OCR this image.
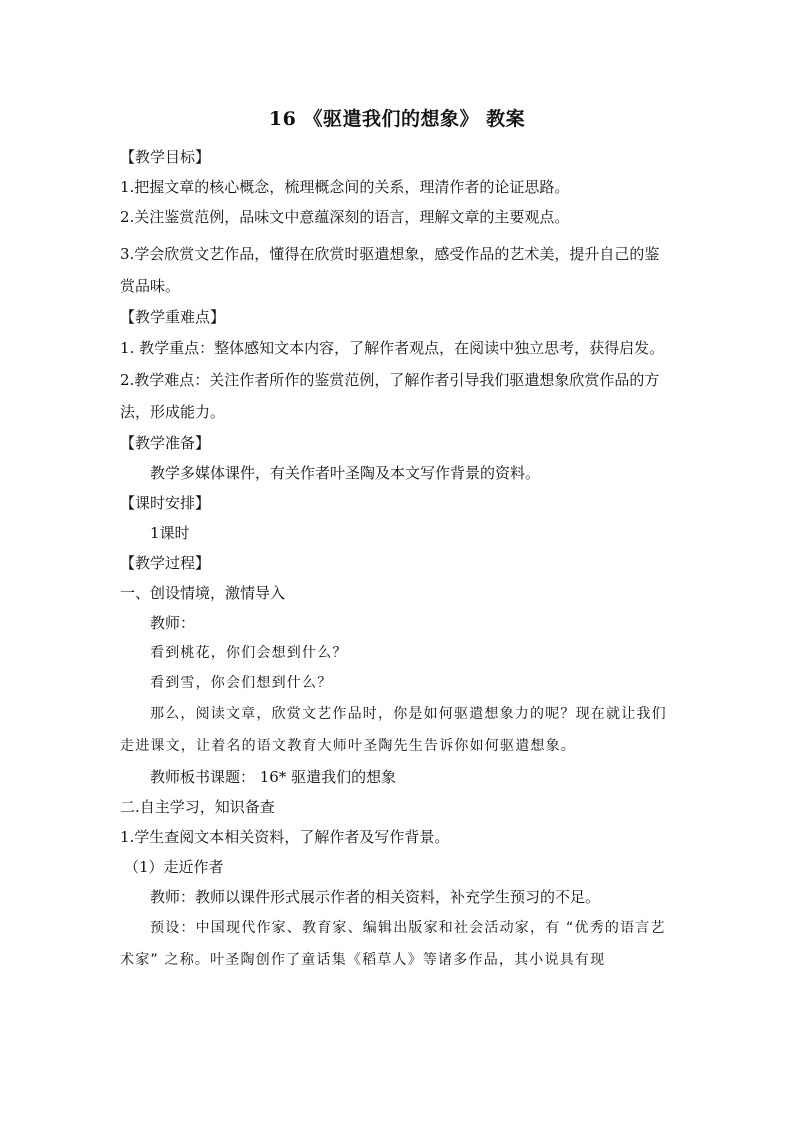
16 《驱遣我们的想象》 教案

【教学目标】

1.把握文章的核心概念，梳理概念间的关系，理清作者的论证思路。

2.关注鉴赏范例，品味文中意蕴深刻的语言，理解文章的主要观点。

3.学会欣赏文艺作品，懂得在欣赏时驱遣想象，感受作品的艺术美，提升自己的鉴赏品味。

【教学重难点】

1. 教学重点：整体感知文本内容，了解作者观点，在阅读中独立思考，获得启发。

2.教学难点：关注作者所作的鉴赏范例，了解作者引导我们驱遣想象欣赏作品的方法，形成能力。

【教学准备】

教学多媒体课件，有关作者叶圣陶及本文写作背景的资料。

【课时安排】

1课时

【教学过程】

一、创设情境，激情导入

教师：

看到桃花，你们会想到什么？

看到雪，你会们想到什么？

那么，阅读文章，欣赏文艺作品时，你是如何驱遣想象力的呢？现在就让我们走进课文，让着名的语文教育大师叶圣陶先生告诉你如何驱遣想象。

教师板书课题： 16* 驱遣我们的想象

二.自主学习，知识备查

1.学生查阅文本相关资料，了解作者及写作背景。

（1）走近作者

教师：教师以课件形式展示作者的相关资料，补充学生预习的不足。

预设：中国现代作家、教育家、编辑出版家和社会活动家，有 “优秀的语言艺术家” 之称。叶圣陶创作了童话集《稻草人》等诸多作品，其小说具有现
